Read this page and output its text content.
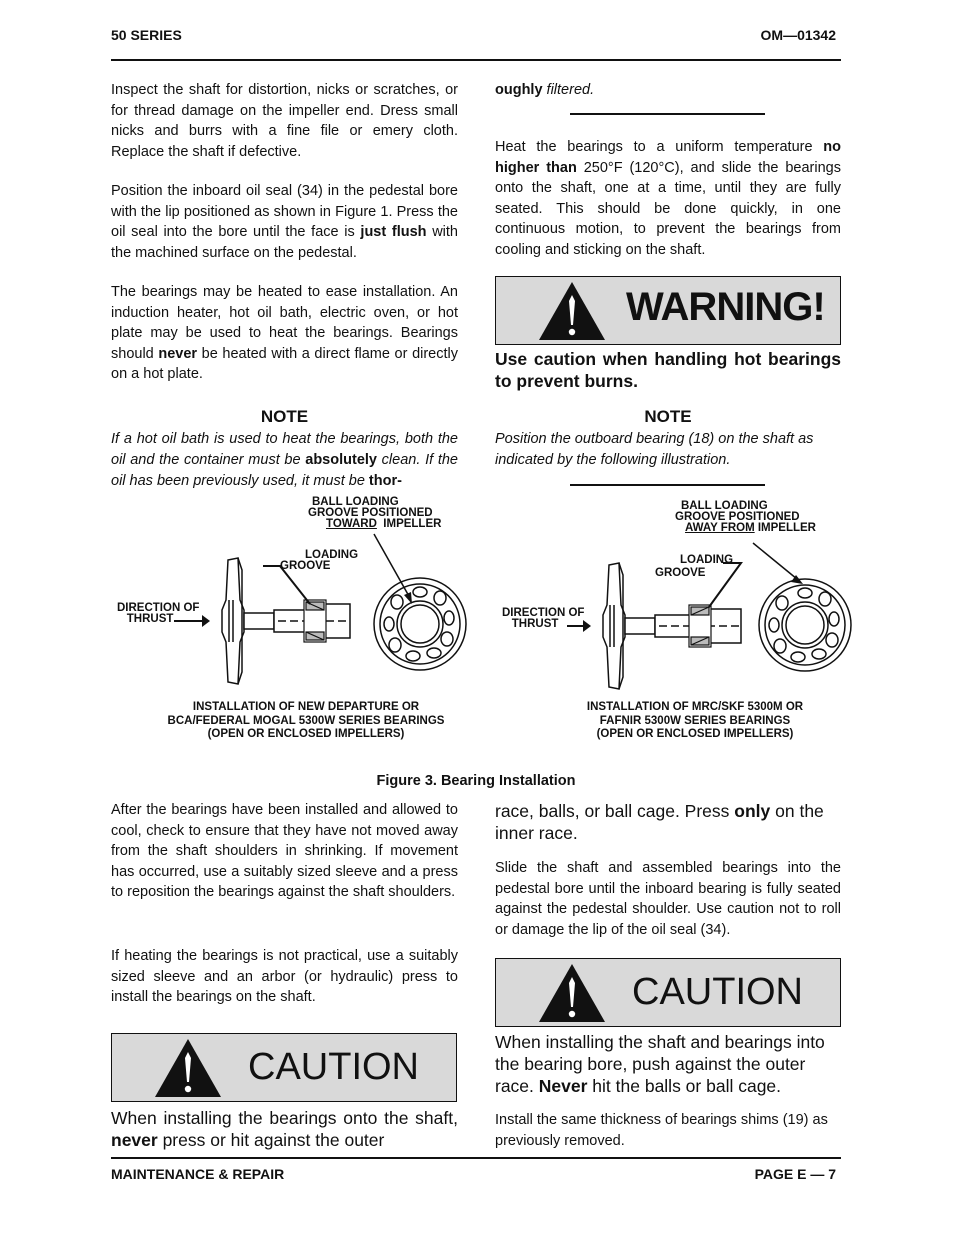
50 SERIES	OM—01342

Inspect the shaft for distortion, nicks or scratches, or for thread damage on the impeller end. Dress small nicks and burrs with a fine file or emery cloth. Replace the shaft if defective.

Position the inboard oil seal (34) in the pedestal bore with the lip positioned as shown in Figure 1. Press the oil seal into the bore until the face is just flush with the machined surface on the pedestal.

The bearings may be heated to ease installation. An induction heater, hot oil bath, electric oven, or hot plate may be used to heat the bearings. Bearings should never be heated with a direct flame or directly on a hot plate.

NOTE

If a hot oil bath is used to heat the bearings, both the oil and the container must be absolutely clean. If the oil has been previously used, it must be thor-

oughly filtered.

Heat the bearings to a uniform temperature no higher than 250°F (120°C), and slide the bearings onto the shaft, one at a time, until they are fully seated. This should be done quickly, in one continuous motion, to prevent the bearings from cooling and sticking on the shaft.

WARNING!

Use caution when handling hot bearings to prevent burns.

NOTE

Position the outboard bearing (18) on the shaft as indicated by the following illustration.

BALL LOADING
GROOVE POSITIONED
TOWARD  IMPELLER
LOADING
GROOVE
DIRECTION OF
THRUST
INSTALLATION OF NEW DEPARTURE OR
BCA/FEDERAL MOGAL 5300W SERIES BEARINGS
(OPEN OR ENCLOSED IMPELLERS)
BALL LOADING
GROOVE POSITIONED
AWAY FROM IMPELLER
LOADING
GROOVE
DIRECTION OF
THRUST
INSTALLATION OF MRC/SKF 5300M OR
FAFNIR 5300W SERIES BEARINGS
(OPEN OR ENCLOSED IMPELLERS)
Figure 3. Bearing Installation

After the bearings have been installed and allowed to cool, check to ensure that they have not moved away from the shaft shoulders in shrinking. If movement has occurred, use a suitably sized sleeve and a press to reposition the bearings against the shaft shoulders.

If heating the bearings is not practical, use a suitably sized sleeve and an arbor (or hydraulic) press to install the bearings on the shaft.

CAUTION

When installing the bearings onto the shaft, never press or hit against the outer

race, balls, or ball cage. Press only on the inner race.

Slide the shaft and assembled bearings into the pedestal bore until the inboard bearing is fully seated against the pedestal shoulder. Use caution not to roll or damage the lip of the oil seal (34).

CAUTION

When installing the shaft and bearings into the bearing bore, push against the outer race. Never hit the balls or ball cage.

Install the same thickness of bearings shims (19) as previously removed.

MAINTENANCE & REPAIR	PAGE E — 7
